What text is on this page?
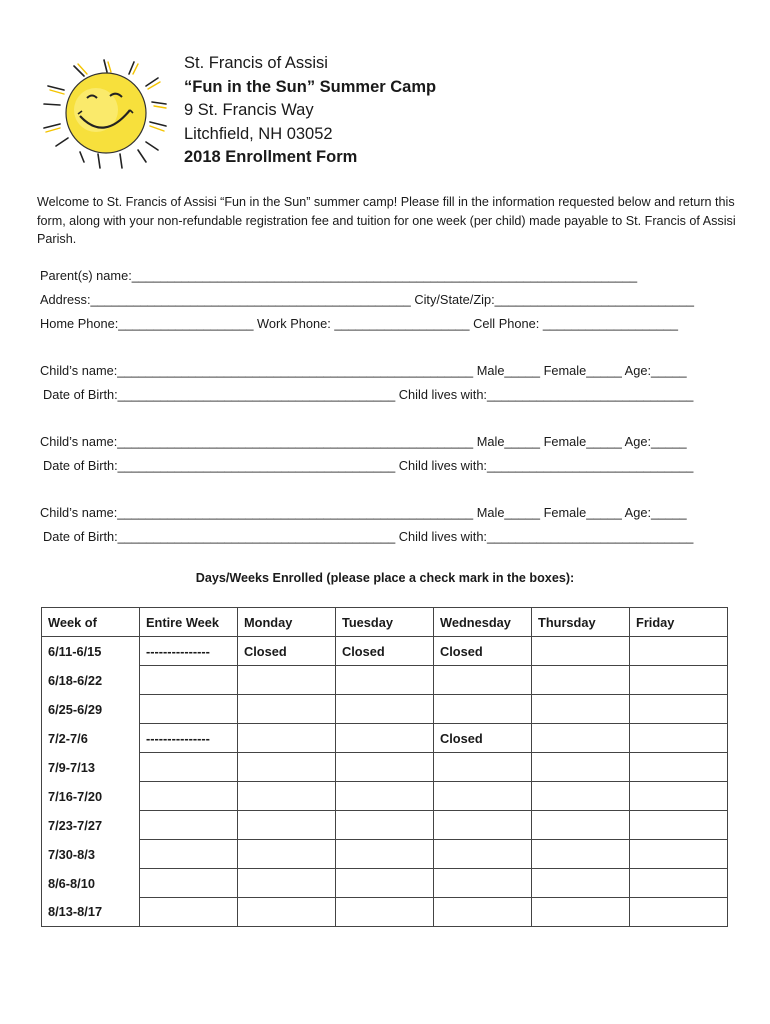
St. Francis of Assisi
“Fun in the Sun” Summer Camp
9 St. Francis Way
Litchfield, NH 03052
2018 Enrollment Form
Welcome to St. Francis of Assisi “Fun in the Sun” summer camp! Please fill in the information requested below and return this form, along with your non-refundable registration fee and tuition for one week (per child) made payable to St. Francis of Assisi Parish.
Parent(s) name:_______________________________________________________________________
Address:_____________________________________________ City/State/Zip:____________________________
Home Phone:___________________ Work Phone: ___________________ Cell Phone: ___________________
Child’s name:__________________________________________________ Male_____ Female_____ Age:_____
Date of Birth:_______________________________________ Child lives with:_____________________________
Child’s name:__________________________________________________ Male_____ Female_____ Age:_____
Date of Birth:_______________________________________ Child lives with:_____________________________
Child’s name:__________________________________________________ Male_____ Female_____ Age:_____
Date of Birth:_______________________________________ Child lives with:_____________________________
Days/Weeks Enrolled (please place a check mark in the boxes):
Week of	Entire Week	Monday	Tuesday	Wednesday	Thursday	Friday
6/11-6/15	---------------	Closed	Closed	Closed		
6/18-6/22						
6/25-6/29						
7/2-7/6	---------------			Closed		
7/9-7/13						
7/16-7/20						
7/23-7/27						
7/30-8/3						
8/6-8/10						
8/13-8/17						
